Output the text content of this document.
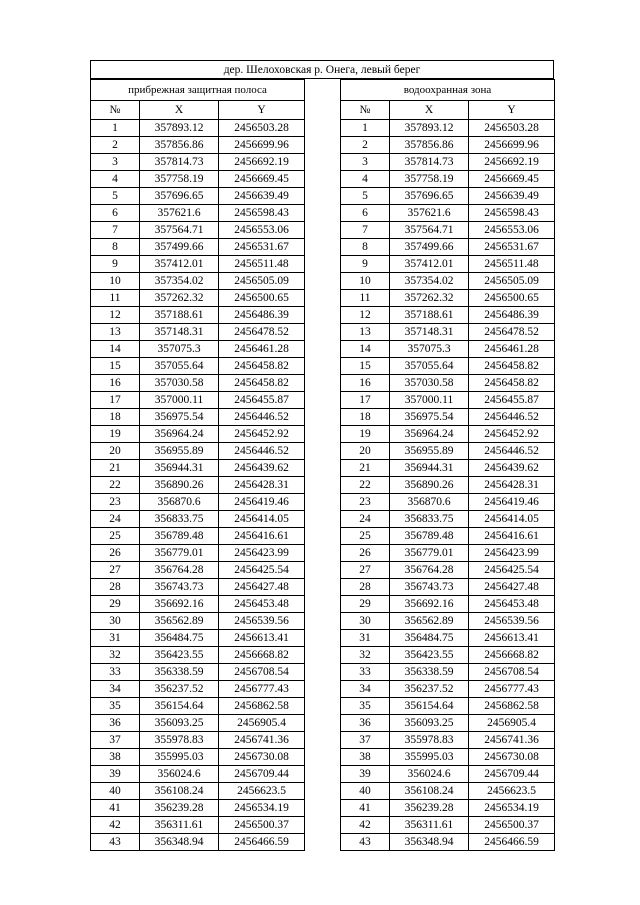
дер. Шелоховская р. Онега, левый берег
прибрежная защитная полоса		
№	X	Y
1	357893.12	2456503.28
2	357856.86	2456699.96
3	357814.73	2456692.19
4	357758.19	2456669.45
5	357696.65	2456639.49
6	357621.6	2456598.43
7	357564.71	2456553.06
8	357499.66	2456531.67
9	357412.01	2456511.48
10	357354.02	2456505.09
11	357262.32	2456500.65
12	357188.61	2456486.39
13	357148.31	2456478.52
14	357075.3	2456461.28
15	357055.64	2456458.82
16	357030.58	2456458.82
17	357000.11	2456455.87
18	356975.54	2456446.52
19	356964.24	2456452.92
20	356955.89	2456446.52
21	356944.31	2456439.62
22	356890.26	2456428.31
23	356870.6	2456419.46
24	356833.75	2456414.05
25	356789.48	2456416.61
26	356779.01	2456423.99
27	356764.28	2456425.54
28	356743.73	2456427.48
29	356692.16	2456453.48
30	356562.89	2456539.56
31	356484.75	2456613.41
32	356423.55	2456668.82
33	356338.59	2456708.54
34	356237.52	2456777.43
35	356154.64	2456862.58
36	356093.25	2456905.4
37	355978.83	2456741.36
38	355995.03	2456730.08
39	356024.6	2456709.44
40	356108.24	2456623.5
41	356239.28	2456534.19
42	356311.61	2456500.37
43	356348.94	2456466.59
водоохранная зона		
№	X	Y
1	357893.12	2456503.28
2	357856.86	2456699.96
3	357814.73	2456692.19
4	357758.19	2456669.45
5	357696.65	2456639.49
6	357621.6	2456598.43
7	357564.71	2456553.06
8	357499.66	2456531.67
9	357412.01	2456511.48
10	357354.02	2456505.09
11	357262.32	2456500.65
12	357188.61	2456486.39
13	357148.31	2456478.52
14	357075.3	2456461.28
15	357055.64	2456458.82
16	357030.58	2456458.82
17	357000.11	2456455.87
18	356975.54	2456446.52
19	356964.24	2456452.92
20	356955.89	2456446.52
21	356944.31	2456439.62
22	356890.26	2456428.31
23	356870.6	2456419.46
24	356833.75	2456414.05
25	356789.48	2456416.61
26	356779.01	2456423.99
27	356764.28	2456425.54
28	356743.73	2456427.48
29	356692.16	2456453.48
30	356562.89	2456539.56
31	356484.75	2456613.41
32	356423.55	2456668.82
33	356338.59	2456708.54
34	356237.52	2456777.43
35	356154.64	2456862.58
36	356093.25	2456905.4
37	355978.83	2456741.36
38	355995.03	2456730.08
39	356024.6	2456709.44
40	356108.24	2456623.5
41	356239.28	2456534.19
42	356311.61	2456500.37
43	356348.94	2456466.59
